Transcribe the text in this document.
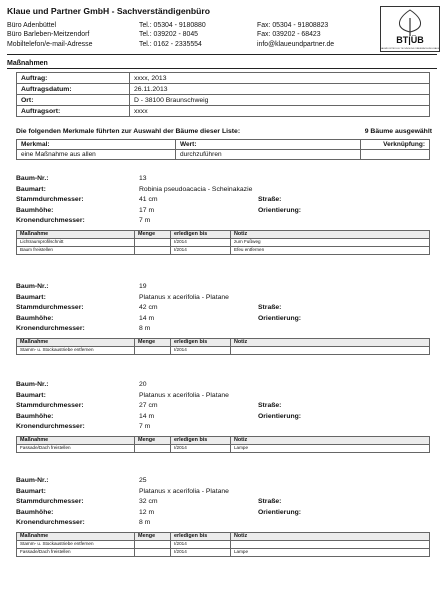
Klaue und Partner GmbH - Sachverständigenbüro
Büro Adenbüttel
Büro Barleben-Meitzendorf
Mobiltelefon/e-mail-Adresse
Tel.: 05304 - 9180880
Tel.: 039202 - 8045
Tel.: 0162 - 2335554
Fax: 05304 - 91808823
Fax: 039202 - 68423
info@klaueundpartner.de	BT|ÜB
BAUMKONTROLLE TECHNISCHE ÜBERWACHUNG BAUM
Maßnahmen
Auftrag:	xxxx, 2013
Auftragsdatum:	26.11.2013
Ort:	D - 38100 Braunschweig
Auftragsort:	xxxx
Die folgenden Merkmale führten zur Auswahl der Bäume dieser Liste:	9 Bäume ausgewählt
Merkmal:	Wert:	Verknüpfung:
eine Maßnahme aus allen	durchzuführen	
Baum-Nr.:	13
Baumart:	Robinia pseudoacacia - Scheinakazie
Stammdurchmesser:	41 cm	Straße:
Baumhöhe:	17 m	Orientierung:
Kronendurchmesser:	7 m
Maßnahme	Menge	erledigen bis	Notiz
Lichtraumprofilschnitt		I/2014	zum Fußweg
Baum freistellen		I/2014	Efeu entfernen
Baum-Nr.:	19
Baumart:	Platanus x acerifolia - Platane
Stammdurchmesser:	42 cm	Straße:
Baumhöhe:	14 m	Orientierung:
Kronendurchmesser:	8 m
Maßnahme	Menge	erledigen bis	Notiz
Stamm- u. Stockaustriebe entfernen		I/2014	
Baum-Nr.:	20
Baumart:	Platanus x acerifolia - Platane
Stammdurchmesser:	27 cm	Straße:
Baumhöhe:	14 m	Orientierung:
Kronendurchmesser:	7 m
Maßnahme	Menge	erledigen bis	Notiz
Fassade/Dach freistellen		I/2014	Lampe
Baum-Nr.:	25
Baumart:	Platanus x acerifolia - Platane
Stammdurchmesser:	32 cm	Straße:
Baumhöhe:	12 m	Orientierung:
Kronendurchmesser:	8 m
Maßnahme	Menge	erledigen bis	Notiz
Stamm- u. Stockaustriebe entfernen		I/2014	
Fassade/Dach freistellen		I/2014	Lampe
